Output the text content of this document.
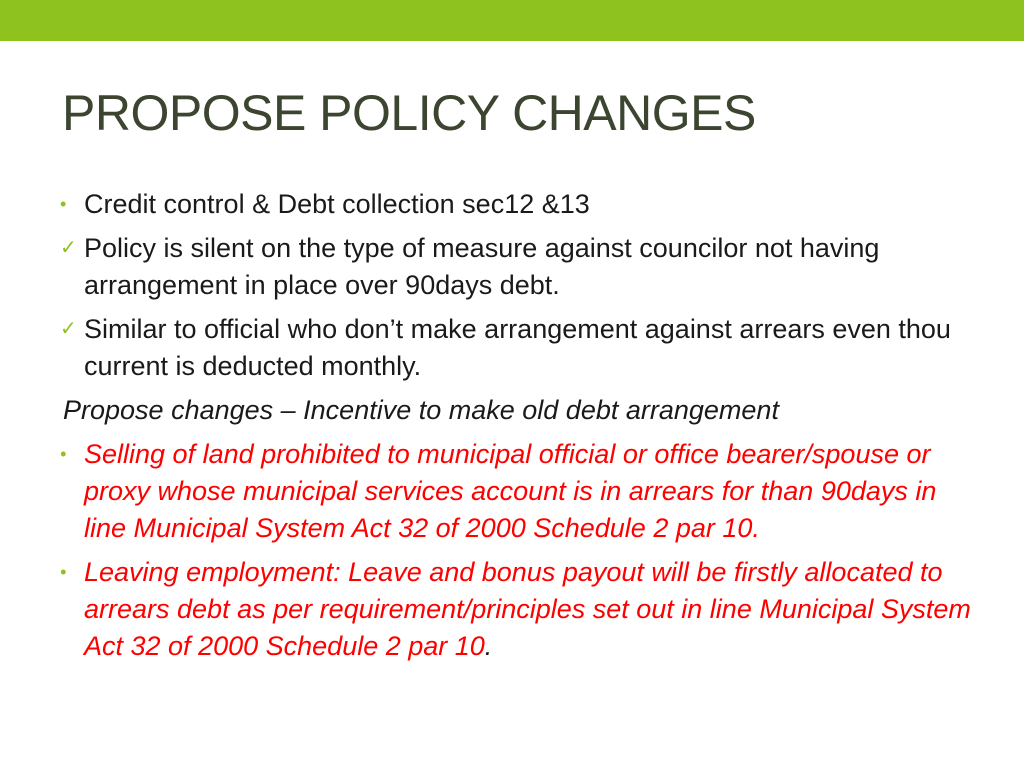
PROPOSE POLICY CHANGES
• Credit control & Debt collection sec12 &13
✓ Policy is silent on the type of measure against councilor not having arrangement in place over 90days debt.
✓ Similar to official who don’t make arrangement against arrears even thou current is deducted monthly.
Propose changes – Incentive to make old debt arrangement
• Selling of land prohibited to municipal official or office bearer/spouse or proxy whose municipal services account is in arrears for than 90days in line Municipal System Act 32 of 2000 Schedule 2 par 10.
• Leaving employment: Leave and bonus payout will be firstly allocated to arrears debt as per requirement/principles set out in line Municipal System Act 32 of 2000 Schedule 2 par 10.
